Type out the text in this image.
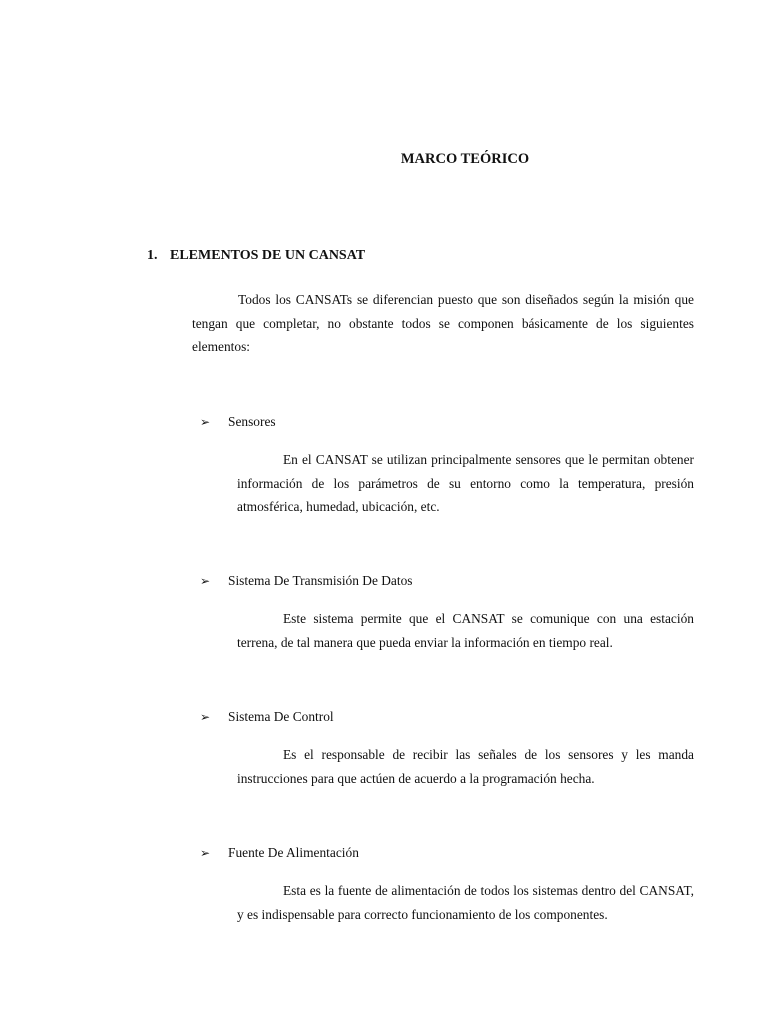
MARCO TEÓRICO
1. ELEMENTOS DE UN CANSAT

Todos los CANSATs se diferencian puesto que son diseñados según la misión que tengan que completar, no obstante todos se componen básicamente de los siguientes elementos:

➢ Sensores

En el CANSAT se utilizan principalmente sensores que le permitan obtener información de los parámetros de su entorno como la temperatura, presión atmosférica, humedad, ubicación, etc.

➢ Sistema De Transmisión De Datos

Este sistema permite que el CANSAT se comunique con una estación terrena, de tal manera que pueda enviar la información en tiempo real.

➢ Sistema De Control

Es el responsable de recibir las señales de los sensores y les manda instrucciones para que actúen de acuerdo a la programación hecha.

➢ Fuente De Alimentación

Esta es la fuente de alimentación de todos los sistemas dentro del CANSAT, y es indispensable para correcto funcionamiento de los componentes.
